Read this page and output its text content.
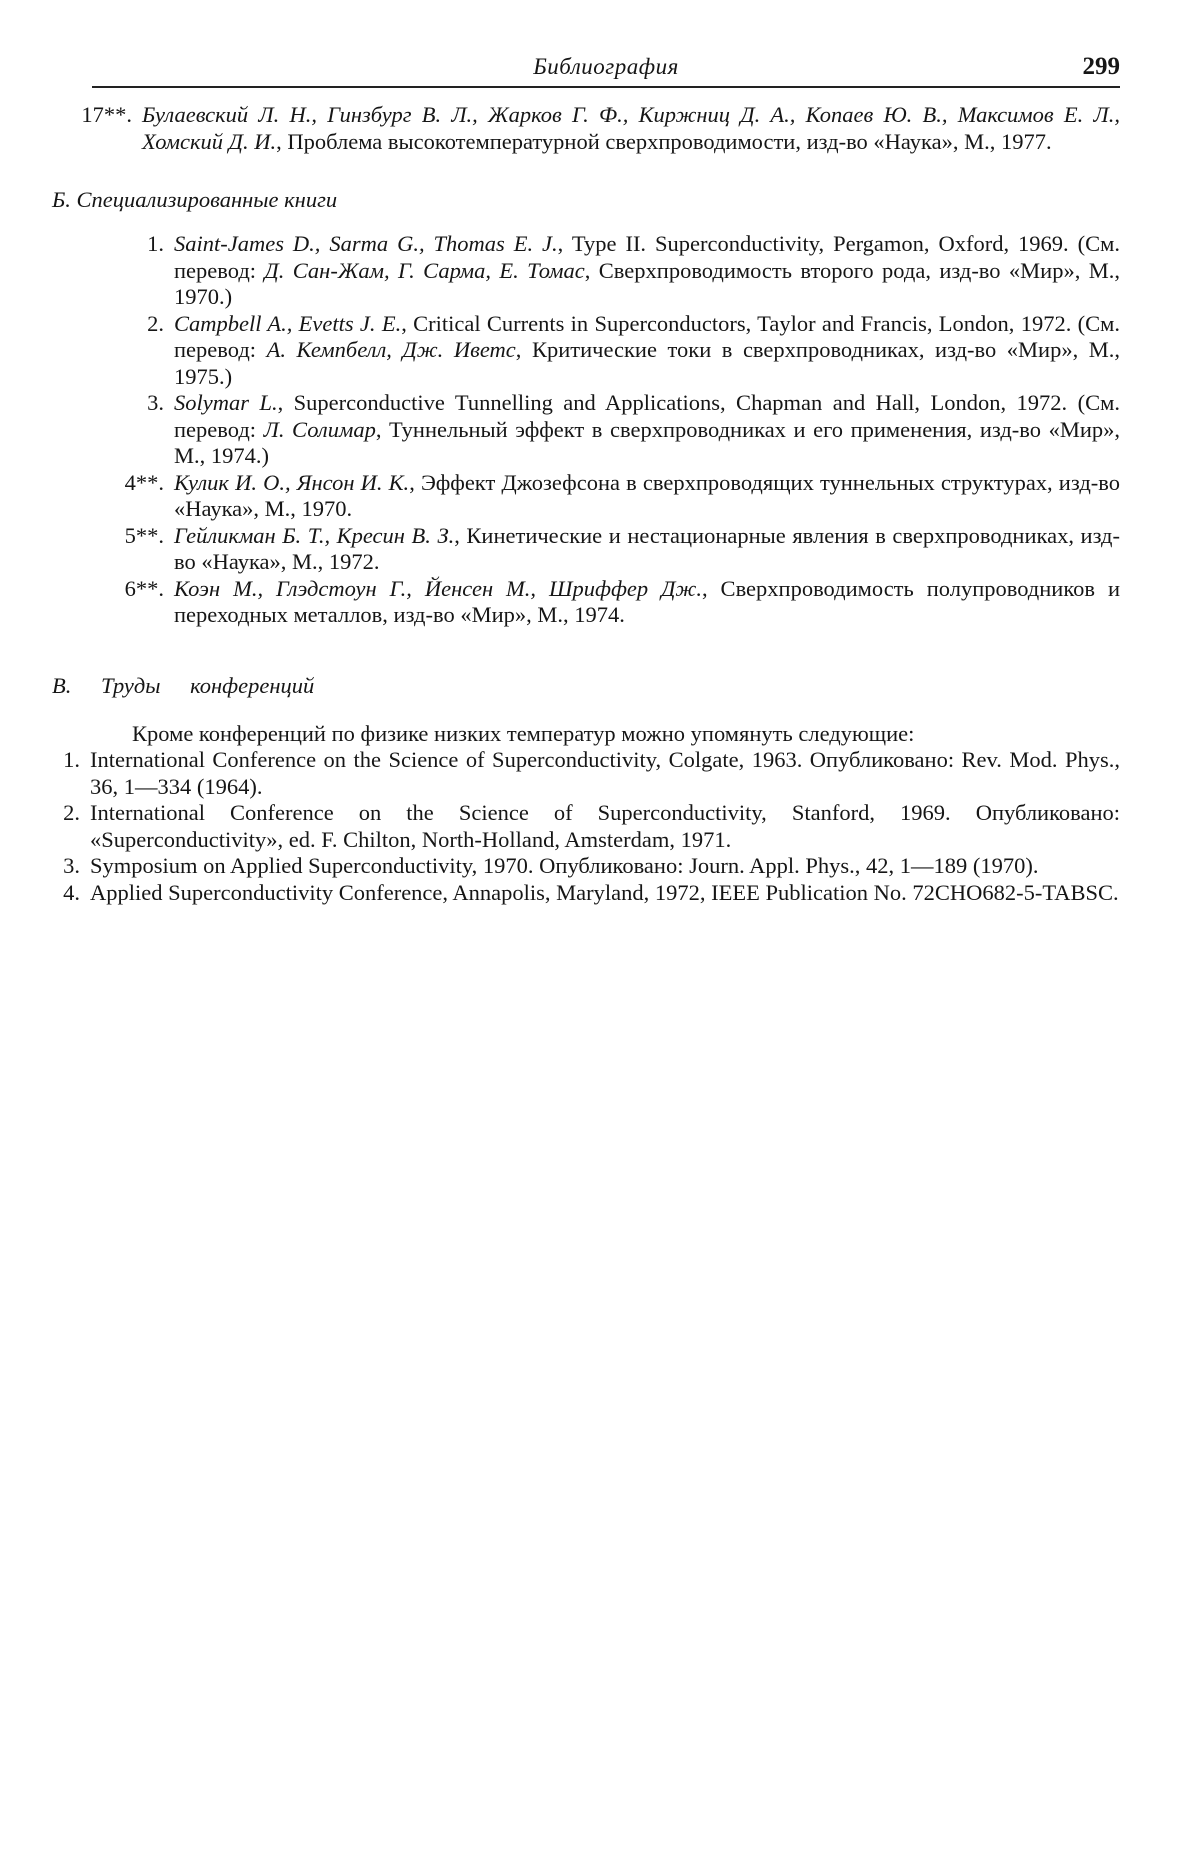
Библиография	299
17**. Булаевский Л. Н., Гинзбург В. Л., Жарков Г. Ф., Киржниц Д. А., Копаев Ю. В., Максимов Е. Л., Хомский Д. И., Проблема высокотемпературной сверхпроводимости, изд-во «Наука», М., 1977.
Б. Специализированные книги
1. Saint-James D., Sarma G., Thomas E. J., Type II. Superconductivity, Pergamon, Oxford, 1969. (См. перевод: Д. Сан-Жам, Г. Сарма, Е. Томас, Сверхпроводимость второго рода, изд-во «Мир», М., 1970.)
2. Campbell A., Evetts J. E., Critical Currents in Superconductors, Taylor and Francis, London, 1972. (См. перевод: А. Кемпбелл, Дж. Иветс, Критические токи в сверхпроводниках, изд-во «Мир», М., 1975.)
3. Solymar L., Superconductive Tunnelling and Applications, Chapman and Hall, London, 1972. (См. перевод: Л. Солимар, Туннельный эффект в сверхпроводниках и его применения, изд-во «Мир», М., 1974.)
4**. Кулик И. О., Янсон И. К., Эффект Джозефсона в сверхпроводящих туннельных структурах, изд-во «Наука», М., 1970.
5**. Гейликман Б. Т., Кресин В. З., Кинетические и нестационарные явления в сверхпроводниках, изд-во «Наука», М., 1972.
6**. Коэн М., Глэдстоун Г., Йенсен М., Шриффер Дж., Сверхпроводимость полупроводников и переходных металлов, изд-во «Мир», М., 1974.
В. Труды конференций
Кроме конференций по физике низких температур можно упомянуть следующие:
1. International Conference on the Science of Superconductivity, Colgate, 1963. Опубликовано: Rev. Mod. Phys., 36, 1—334 (1964).
2. International Conference on the Science of Superconductivity, Stanford, 1969. Опубликовано: «Superconductivity», ed. F. Chilton, North-Holland, Amsterdam, 1971.
3. Symposium on Applied Superconductivity, 1970. Опубликовано: Journ. Appl. Phys., 42, 1—189 (1970).
4. Applied Superconductivity Conference, Annapolis, Maryland, 1972, IEEE Publication No. 72CHO682-5-TABSC.
